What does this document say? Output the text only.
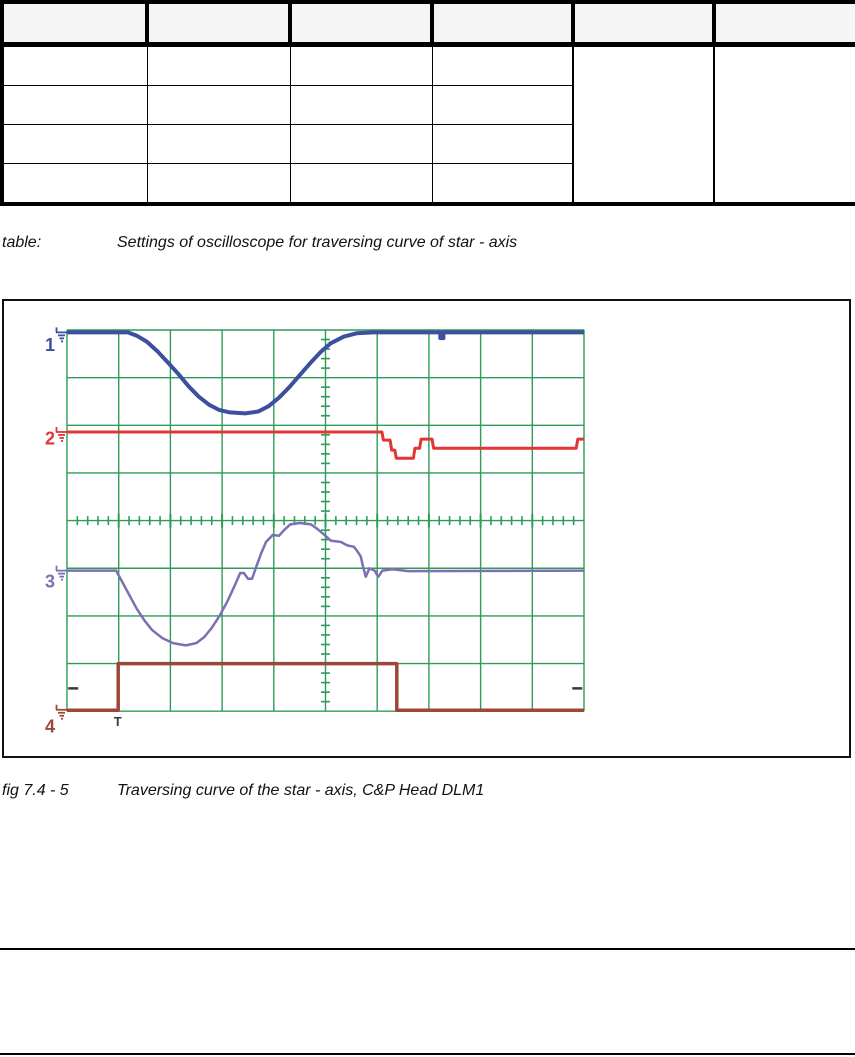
table:	Settings of oscilloscope for traversing curve of star - axis
1
2
3
4	T
fig 7.4 - 5	Traversing curve of the star - axis, C&P Head DLM1
